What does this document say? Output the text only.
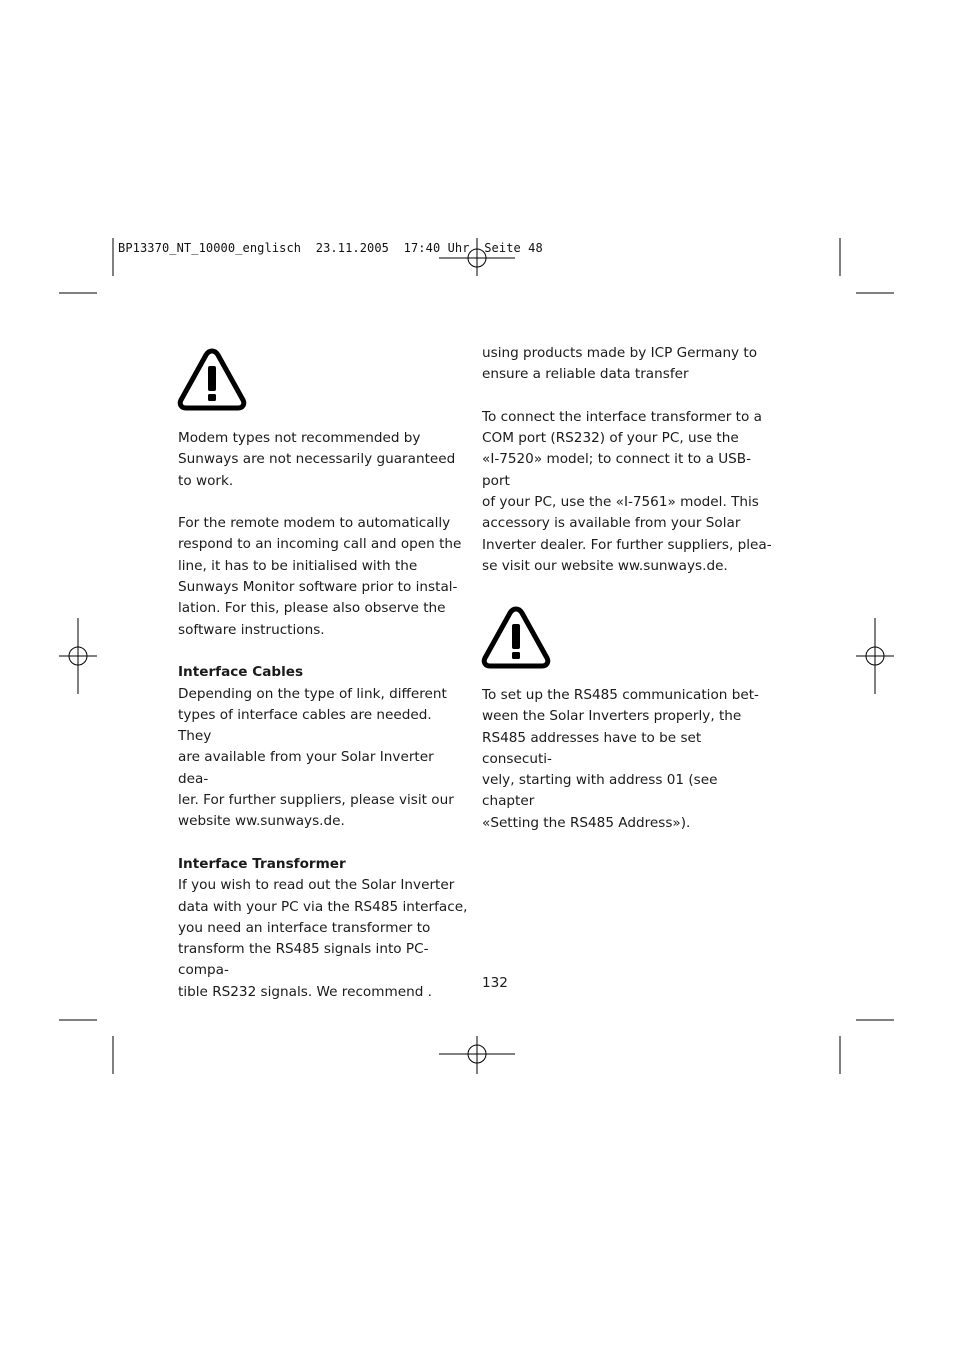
BP13370_NT_10000_englisch  23.11.2005  17:40 Uhr  Seite 48

Modem types not recommended by
Sunways are not necessarily guaranteed
to work.

For the remote modem to automatically
respond to an incoming call and open the
line, it has to be initialised with the
Sunways Monitor software prior to instal-
lation. For this, please also observe the
software instructions.

Interface Cables

Depending on the type of link, different
types of interface cables are needed. They
are available from your Solar Inverter dea-
ler. For further suppliers, please visit our
website ww.sunways.de.

Interface Transformer

If you wish to read out the Solar Inverter
data with your PC via the RS485 interface,
you need an interface transformer to
transform the RS485 signals into PC-compa-
tible RS232 signals. We recommend .

using products made by ICP Germany to
ensure a reliable data transfer

To connect the interface transformer to a
COM port (RS232) of your PC, use the
«I-7520» model; to connect it to a USB-port
of your PC, use the «I-7561» model. This
accessory is available from your Solar
Inverter dealer. For further suppliers, plea-
se visit our website ww.sunways.de.

To set up the RS485 communication bet-
ween the Solar Inverters properly, the
RS485 addresses have to be set consecuti-
vely, starting with address 01 (see chapter
«Setting the RS485 Address»).

132
